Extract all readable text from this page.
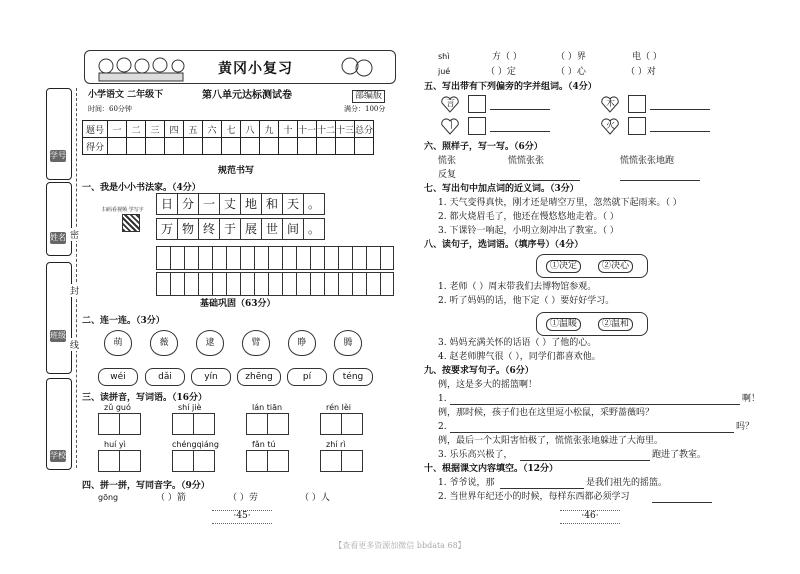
学号
姓名
班级
学校
密
封
线
黄冈小复习
小学语文 二年级下	第八单元达标测试卷	部编版
时间：60分钟	满分：100分
题号	一	二	三	四	五	六	七	八	九	十	十一	十二	十三	总分
得分														
规范书写
一、我是小小书法家。（4分）
扫码看视频 学写字	日 分 一 丈 地 和 天 。
万 物 终 于 展 世 间 。
基础巩固（63分）
二、连一连。（3分）
萌	薇	逮	臂	睁	腾
wéi	dǎi	yín	zhēng	pí	téng
三、读拼音，写词语。（16分）
zǔ guó	shí jiè	lán tiān	rén lèi
huí yì	chéngqiáng	fǎn tú	zhí rì
四、拼一拼，写同音字。（9分）
gōng	（ ）箭	（ ）劳	（ ）人
·45·
shì	方（ ）	（ ）界	电（ ）
jué	（ ）定	（ ）心	（ ）对
五、写出带有下列偏旁的字并组词。（4分）
言
丨
木
火
六、照样子，写一写。（6分）
慌张	慌慌张张	慌慌张张地跑
反复
七、写出句中加点词的近义词。（3分）
1. 天气变得真快，刚才还是晴空万里，忽然就下起雨来。（ ）
2. 都火烧眉毛了，他还在慢悠悠地走着。（ ）
3. 下课铃一响起，小明立刻冲出了教室。（ ）
八、读句子，选词语。（填序号）（4分）
①决定	②决心
1. 老师（ ）周末带我们去博物馆参观。
2. 听了妈妈的话，他下定（ ）要好好学习。
①温暖	②温和
3. 妈妈充满关怀的话语（ ）了他的心。
4. 赵老师脾气很（ ），同学们都喜欢他。
九、按要求写句子。（6分）
例，这是多大的摇篮啊！
1.	啊！
例，那时候，孩子们也在这里逗小松鼠，采野蔷薇吗？
2.	吗？
例，最后一个太阳害怕极了，慌慌张张地躲进了大海里。
3. 乐乐高兴极了，	跑进了教室。
十、根据课文内容填空。（12分）
1. 爷爷说，那	是我们祖先的摇篮。
2. 当世界年纪还小的时候，每样东西都必须学习
·46·
【查看更多资源加微信 bbdata 68】
